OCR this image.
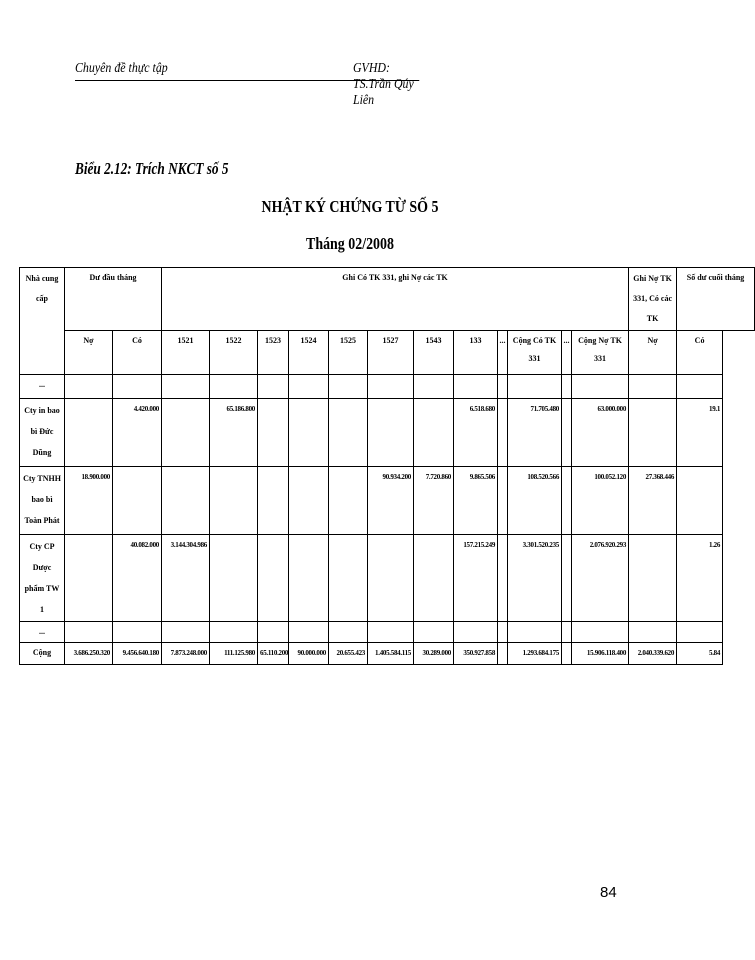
Chuyên đề thực tập	GVHD: TS.Trần Qúy Liên
Biểu 2.12: Trích NKCT số 5
NHẬT KÝ CHỨNG TỪ SỐ 5
Tháng 02/2008
Nhà cung cấp	Dư đầu tháng		Ghi Có TK 331, ghi Nợ các TK												Ghi Nợ TK 331, Có các TK	Số dư cuối tháng
	Nợ	Có	1521	1522	1523	1524	1525	1527	1543	133	...	Cộng Có TK 331	...	Cộng Nợ TK 331	Nợ	Có
...																
Cty in bao bì Đức Dũng		4.420.000		65.186.800						6.518.680		71.705.480		63.000.000		19.1
Cty TNHH bao bì Toàn Phát	18.900.000							90.934.200	7.720.860	9.865.506		108.520.566		100.052.120	27.368.446	
Cty CP Dược phẩm TW 1		40.082.000	3.144.304.986							157.215.249		3.301.520.235		2.076.920.293		1.26
...																
Cộng	3.686.250.320	9.456.640.180	7.873.248.000	111.125.980	65.110.200	90.000.000	20.655.423	1.405.584.115	30.289.000	350.927.858		1.293.684.175		15.906.118.400	2.040.339.620	5.84
84
